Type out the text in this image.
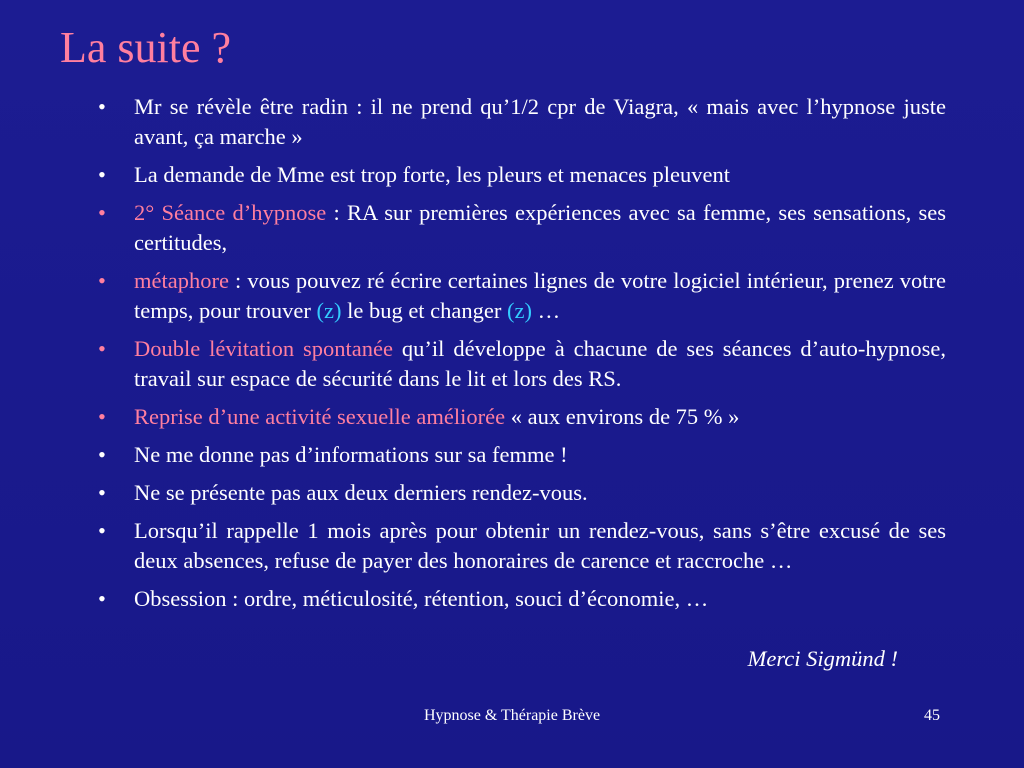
La suite ?
• Mr se révèle être radin : il ne prend qu’1/2 cpr de Viagra, « mais avec l’hypnose juste avant, ça marche »
• La demande de Mme est trop forte, les pleurs et menaces pleuvent
• 2° Séance d’hypnose : RA sur premières expériences avec sa femme, ses sensations, ses certitudes,
• métaphore : vous pouvez ré écrire certaines lignes de votre logiciel intérieur, prenez votre temps, pour trouver (z) le bug et changer (z) …
• Double lévitation spontanée qu’il développe à chacune de ses séances d’auto-hypnose, travail sur espace de sécurité dans le lit et lors des RS.
• Reprise d’une activité sexuelle améliorée « aux environs de 75 % »
• Ne me donne pas d’informations sur sa femme !
• Ne se présente pas aux deux derniers rendez-vous.
• Lorsqu’il rappelle 1 mois après pour obtenir un rendez-vous, sans s’être excusé de ses deux absences, refuse de payer des honoraires de carence et raccroche …
• Obsession : ordre, méticulosité, rétention, souci d’économie, …
Merci Sigmünd !
Hypnose & Thérapie Brève	45
